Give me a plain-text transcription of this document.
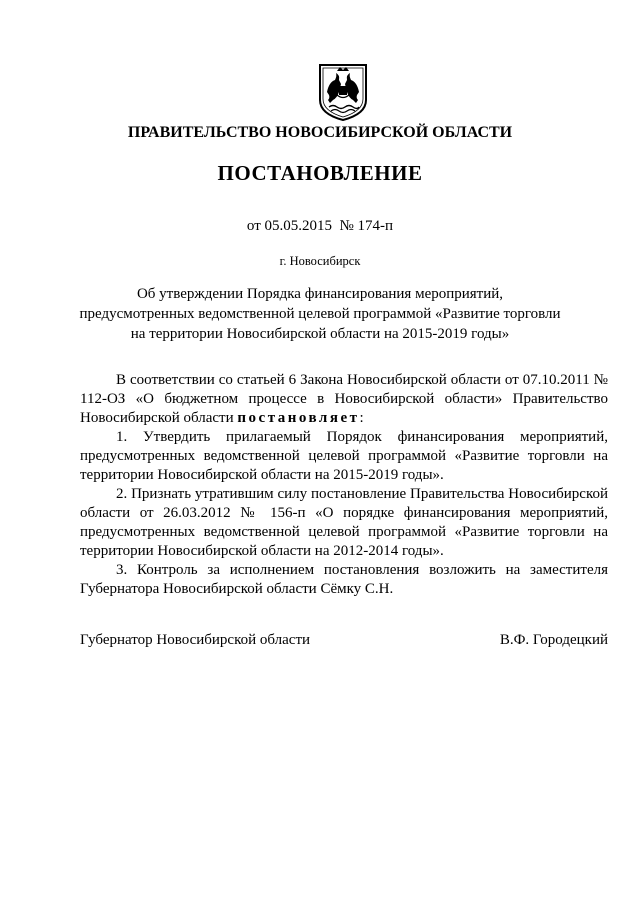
ПРАВИТЕЛЬСТВО НОВОСИБИРСКОЙ ОБЛАСТИ
ПОСТАНОВЛЕНИЕ
от 05.05.2015  № 174-п
г. Новосибирск
Об утверждении Порядка финансирования мероприятий,
предусмотренных ведомственной целевой программой «Развитие торговли
на территории Новосибирской области на 2015-2019 годы»

В соответствии со статьей 6 Закона Новосибирской области от 07.10.2011 № 112-ОЗ «О бюджетном процессе в Новосибирской области» Правительство Новосибирской области постановляет:

1. Утвердить прилагаемый Порядок финансирования мероприятий, предусмотренных ведомственной целевой программой «Развитие торговли на территории Новосибирской области на 2015-2019 годы».

2. Признать утратившим силу постановление Правительства Новосибирской области от 26.03.2012 № 156-п «О порядке финансирования мероприятий, предусмотренных ведомственной целевой программой «Развитие торговли на территории Новосибирской области на 2012-2014 годы».

3. Контроль за исполнением постановления возложить на заместителя Губернатора Новосибирской области Сёмку С.Н.

Губернатор Новосибирской области	В.Ф. Городецкий
